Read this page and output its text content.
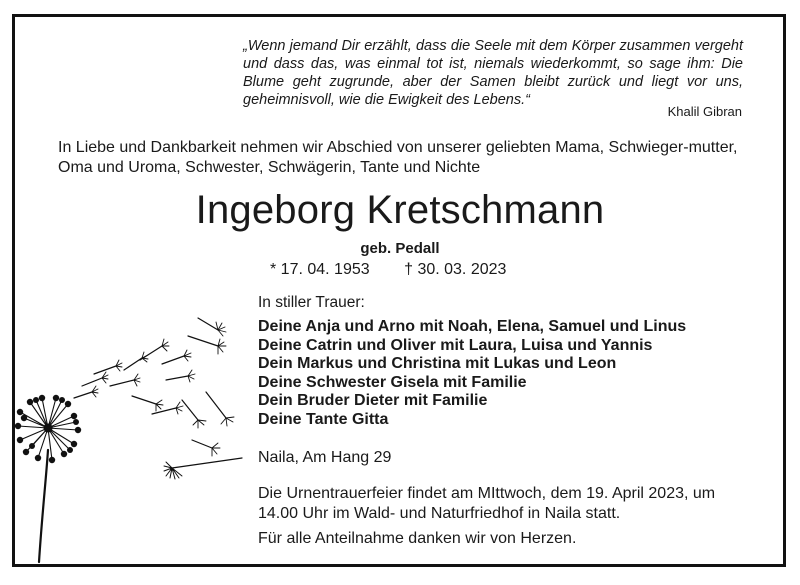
„Wenn jemand Dir erzählt, dass die Seele mit dem Körper zusammen vergeht und dass das, was einmal tot ist, niemals wiederkommt, so sage ihm: Die Blume geht zugrunde, aber der Samen bleibt zurück und liegt vor uns, geheimnisvoll, wie die Ewigkeit des Lebens.“
Khalil Gibran
In Liebe und Dankbarkeit nehmen wir Abschied von unserer geliebten Mama, Schwieger-mutter, Oma und Uroma, Schwester, Schwägerin, Tante und Nichte
Ingeborg Kretschmann
geb. Pedall
* 17. 04. 1953 † 30. 03. 2023
In stiller Trauer:
Deine Anja und Arno mit Noah, Elena, Samuel und Linus
Deine Catrin und Oliver mit Laura, Luisa und Yannis
Dein Markus und Christina mit Lukas und Leon
Deine Schwester Gisela mit Familie
Dein Bruder Dieter mit Familie
Deine Tante Gitta
Naila, Am Hang 29
Die Urnentrauerfeier findet am MIttwoch, dem 19. April 2023, um 14.00 Uhr im Wald- und Naturfriedhof in Naila statt.
Für alle Anteilnahme danken wir von Herzen.
